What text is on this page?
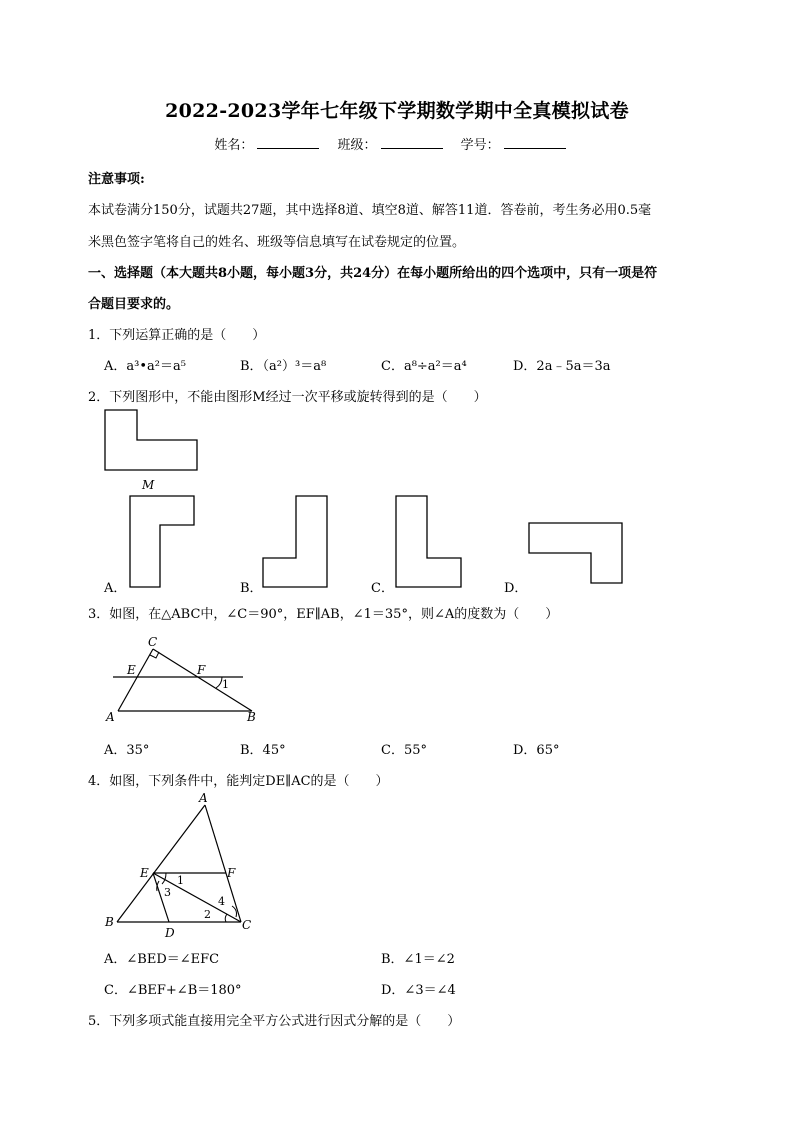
2022-2023学年七年级下学期数学期中全真模拟试卷
姓名：	班级：	学号：
注意事项:
本试卷满分150分，试题共27题，其中选择8道、填空8道、解答11道．答卷前，考生务必用0.5毫
米黑色签字笔将自己的姓名、班级等信息填写在试卷规定的位置。
一、选择题（本大题共8小题，每小题3分，共24分）在每小题所给出的四个选项中，只有一项是符
合题目要求的。
1．下列运算正确的是（　　）
A．a³•a²＝a⁵	B．（a²）³＝a⁸	C．a⁸÷a²＝a⁴	D．2a﹣5a＝3a
2．下列图形中，不能由图形M经过一次平移或旋转得到的是（　　）
M
A．	B．	C．	D．
3．如图，在△ABC中，∠C＝90°，EF∥AB，∠1＝35°，则∠A的度数为（　　）
C
E	F
1
A	B
A．35°	B．45°	C．55°	D．65°
4．如图，下列条件中，能判定DE∥AC的是（　　）
A
E	F
B
D
C
1
3
2
4
A．∠BED＝∠EFC	B．∠1＝∠2
C．∠BEF+∠B＝180°	D．∠3＝∠4
5．下列多项式能直接用完全平方公式进行因式分解的是（　　）
